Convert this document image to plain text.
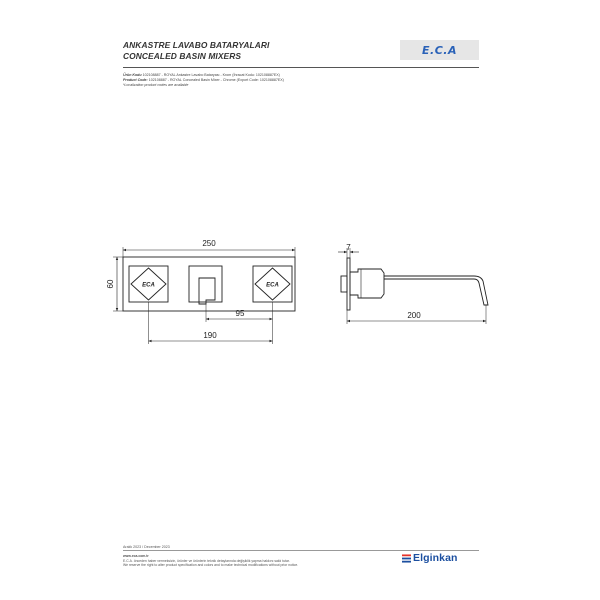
ANKASTRE LAVABO BATARYALARI
CONCEALED BASIN MIXERS	E.C.A
Ürün Kodu 102108887 - ROYAL Ankastre Lavabo Bataryası - Krom (İhracat Kodu: 102108887EX)
Product Code: 102108887 - ROYAL Concealed Basin Mixer - Chrome (Export Code: 102108887EX)
*Localization product codes are available
ECA	ECA
250
60
95
190
7
200
Aralık 2023 / December 2023
www.eca.com.tr
E.C.A. önceden haber vermeksizin, ürünler ve ürünlerin teknik detaylarında değişiklik yapma hakkını saklı tutar.
We reserve the right to alter product specification and colors and to make technical modifications without prior notice.
Elginkan
